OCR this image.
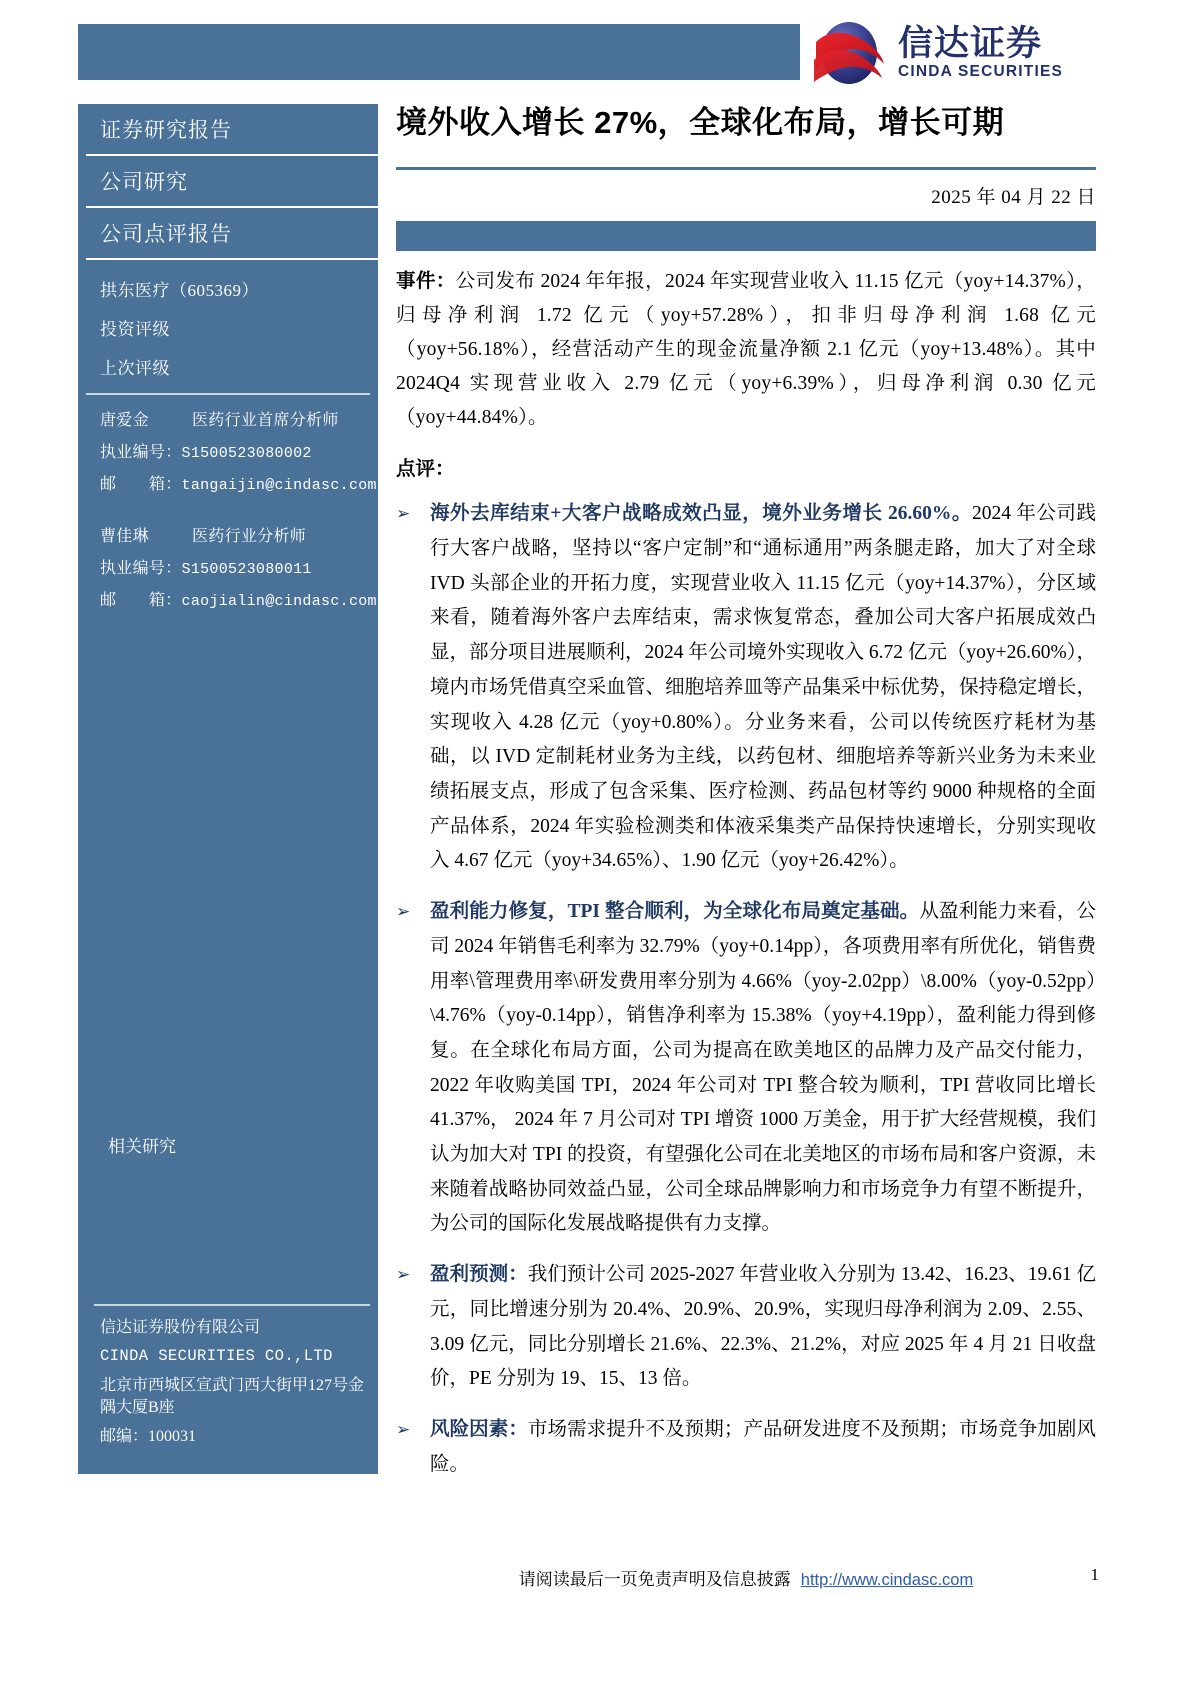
信达证券
CINDA SECURITIES
证券研究报告
公司研究
公司点评报告
拱东医疗（605369）
投资评级
上次评级
唐爱金	医药行业首席分析师
执业编号：S1500523080002
邮　　箱：tangaijin@cindasc.com
曹佳琳	医药行业分析师
执业编号：S1500523080011
邮　　箱：caojialin@cindasc.com
相关研究
信达证券股份有限公司
CINDA SECURITIES CO.,LTD
北京市西城区宣武门西大街甲127号金隅大厦B座
邮编：100031
境外收入增长 27%，全球化布局，增长可期
2025 年 04 月 22 日
事件：公司发布 2024 年年报，2024 年实现营业收入 11.15 亿元（yoy+14.37%），归母净利润 1.72 亿元（yoy+57.28%），扣非归母净利润 1.68 亿元（yoy+56.18%），经营活动产生的现金流量净额 2.1 亿元（yoy+13.48%）。其中 2024Q4 实现营业收入 2.79 亿元（yoy+6.39%），归母净利润 0.30 亿元（yoy+44.84%）。
点评：
➢	海外去库结束+大客户战略成效凸显，境外业务增长 26.60%。2024 年公司践行大客户战略，坚持以“客户定制”和“通标通用”两条腿走路，加大了对全球 IVD 头部企业的开拓力度，实现营业收入 11.15 亿元（yoy+14.37%），分区域来看，随着海外客户去库结束，需求恢复常态，叠加公司大客户拓展成效凸显，部分项目进展顺利，2024 年公司境外实现收入 6.72 亿元（yoy+26.60%），境内市场凭借真空采血管、细胞培养皿等产品集采中标优势，保持稳定增长，实现收入 4.28 亿元（yoy+0.80%）。分业务来看，公司以传统医疗耗材为基础，以 IVD 定制耗材业务为主线，以药包材、细胞培养等新兴业务为未来业绩拓展支点，形成了包含采集、医疗检测、药品包材等约 9000 种规格的全面产品体系，2024 年实验检测类和体液采集类产品保持快速增长，分别实现收入 4.67 亿元（yoy+34.65%）、1.90 亿元（yoy+26.42%）。
➢	盈利能力修复，TPI 整合顺利，为全球化布局奠定基础。从盈利能力来看，公司 2024 年销售毛利率为 32.79%（yoy+0.14pp），各项费用率有所优化，销售费用率\管理费用率\研发费用率分别为 4.66%（yoy-2.02pp）\8.00%（yoy-0.52pp）\4.76%（yoy-0.14pp），销售净利率为 15.38%（yoy+4.19pp），盈利能力得到修复。在全球化布局方面，公司为提高在欧美地区的品牌力及产品交付能力，2022 年收购美国 TPI，2024 年公司对 TPI 整合较为顺利，TPI 营收同比增长 41.37%， 2024 年 7 月公司对 TPI 增资 1000 万美金，用于扩大经营规模，我们认为加大对 TPI 的投资，有望强化公司在北美地区的市场布局和客户资源，未来随着战略协同效益凸显，公司全球品牌影响力和市场竞争力有望不断提升，为公司的国际化发展战略提供有力支撑。
➢	盈利预测：我们预计公司 2025-2027 年营业收入分别为 13.42、16.23、19.61 亿元，同比增速分别为 20.4%、20.9%、20.9%，实现归母净利润为 2.09、2.55、3.09 亿元，同比分别增长 21.6%、22.3%、21.2%，对应 2025 年 4 月 21 日收盘价，PE 分别为 19、15、13 倍。
➢	风险因素：市场需求提升不及预期；产品研发进度不及预期；市场竞争加剧风险。
请阅读最后一页免责声明及信息披露 http://www.cindasc.com	1
